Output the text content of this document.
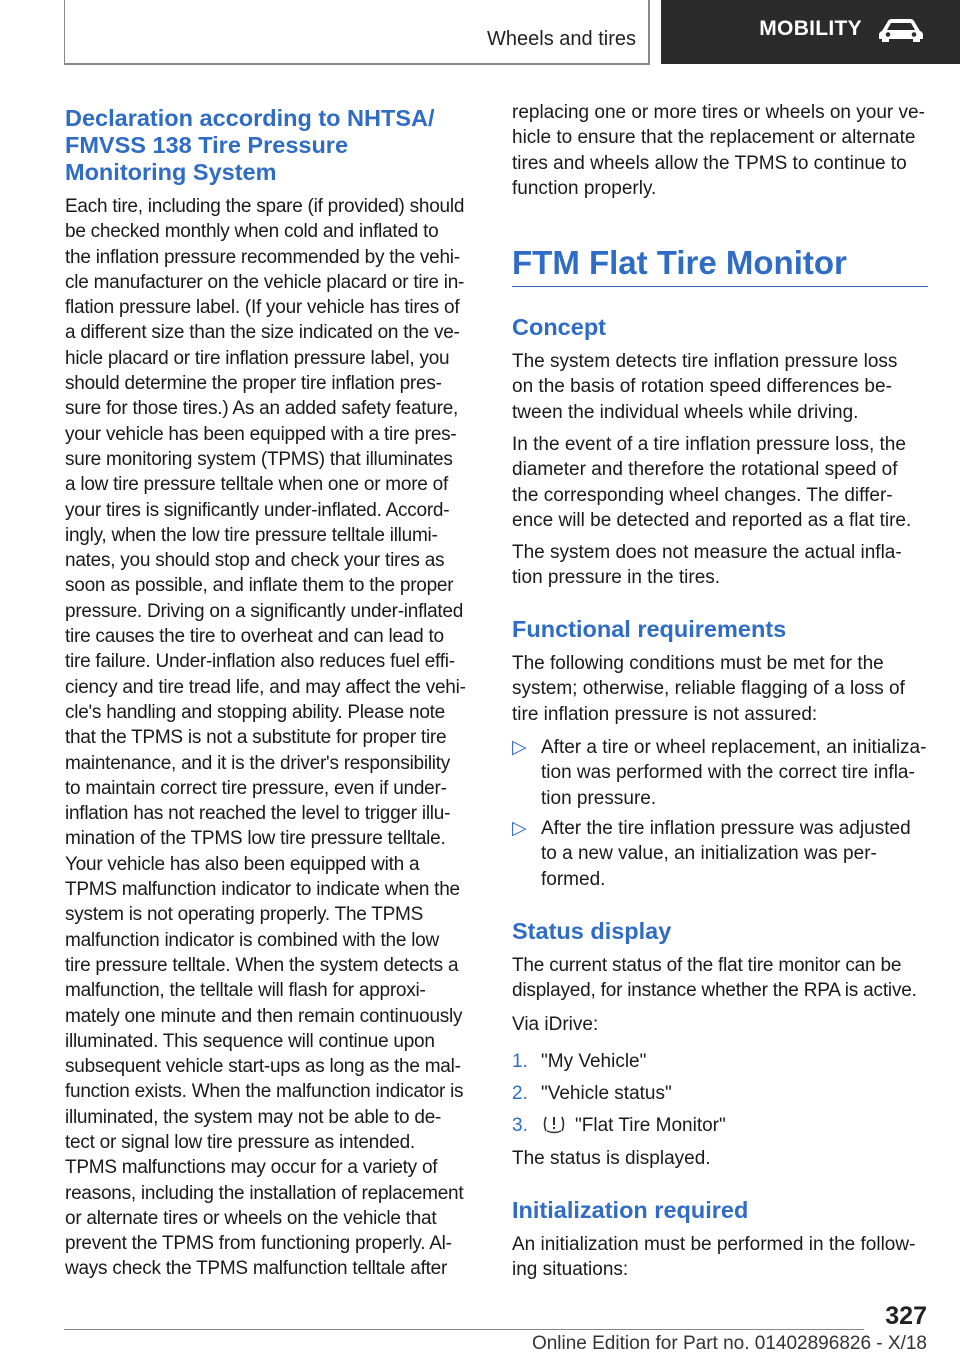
Wheels and tires	MOBILITY
Declaration according to NHTSA/
FMVSS 138 Tire Pressure
Monitoring System

Each tire, including the spare (if provided) should
be checked monthly when cold and inflated to
the inflation pressure recommended by the vehi-
cle manufacturer on the vehicle placard or tire in-
flation pressure label. (If your vehicle has tires of
a different size than the size indicated on the ve-
hicle placard or tire inflation pressure label, you
should determine the proper tire inflation pres-
sure for those tires.) As an added safety feature,
your vehicle has been equipped with a tire pres-
sure monitoring system (TPMS) that illuminates
a low tire pressure telltale when one or more of
your tires is significantly under-inflated. Accord-
ingly, when the low tire pressure telltale illumi-
nates, you should stop and check your tires as
soon as possible, and inflate them to the proper
pressure. Driving on a significantly under-inflated
tire causes the tire to overheat and can lead to
tire failure. Under-inflation also reduces fuel effi-
ciency and tire tread life, and may affect the vehi-
cle's handling and stopping ability. Please note
that the TPMS is not a substitute for proper tire
maintenance, and it is the driver's responsibility
to maintain correct tire pressure, even if under-
inflation has not reached the level to trigger illu-
mination of the TPMS low tire pressure telltale.
Your vehicle has also been equipped with a
TPMS malfunction indicator to indicate when the
system is not operating properly. The TPMS
malfunction indicator is combined with the low
tire pressure telltale. When the system detects a
malfunction, the telltale will flash for approxi-
mately one minute and then remain continuously
illuminated. This sequence will continue upon
subsequent vehicle start-ups as long as the mal-
function exists. When the malfunction indicator is
illuminated, the system may not be able to de-
tect or signal low tire pressure as intended.
TPMS malfunctions may occur for a variety of
reasons, including the installation of replacement
or alternate tires or wheels on the vehicle that
prevent the TPMS from functioning properly. Al-
ways check the TPMS malfunction telltale after

replacing one or more tires or wheels on your ve-
hicle to ensure that the replacement or alternate
tires and wheels allow the TPMS to continue to
function properly.

FTM Flat Tire Monitor
Concept

The system detects tire inflation pressure loss
on the basis of rotation speed differences be-
tween the individual wheels while driving.

In the event of a tire inflation pressure loss, the
diameter and therefore the rotational speed of
the corresponding wheel changes. The differ-
ence will be detected and reported as a flat tire.

The system does not measure the actual infla-
tion pressure in the tires.

Functional requirements

The following conditions must be met for the
system; otherwise, reliable flagging of a loss of
tire inflation pressure is not assured:

▷ After a tire or wheel replacement, an initializa-
tion was performed with the correct tire infla-
tion pressure.
▷ After the tire inflation pressure was adjusted
to a new value, an initialization was per-
formed.
Status display

The current status of the flat tire monitor can be
displayed, for instance whether the RPA is active.

Via iDrive:

1. "My Vehicle"
2. "Vehicle status"
3.	"Flat Tire Monitor"

The status is displayed.

Initialization required

An initialization must be performed in the follow-
ing situations:

327
Online Edition for Part no. 01402896826 - X/18
